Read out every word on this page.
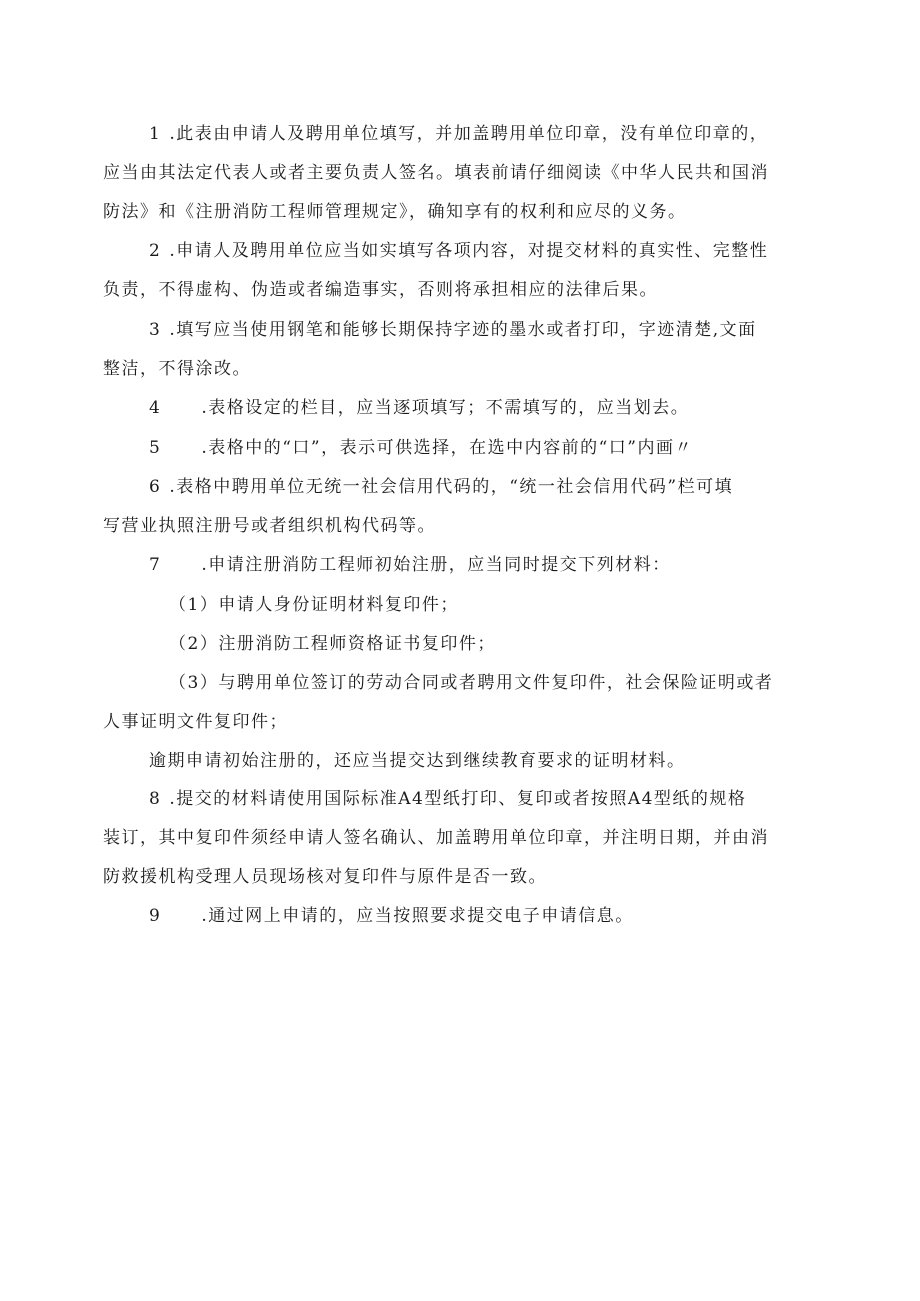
1 .此表由申请人及聘用单位填写，并加盖聘用单位印章，没有单位印章的，
应当由其法定代表人或者主要负责人签名。填表前请仔细阅读《中华人民共和国消
防法》和《注册消防工程师管理规定》，确知享有的权利和应尽的义务。

2 .申请人及聘用单位应当如实填写各项内容，对提交材料的真实性、完整性
负责，不得虚构、伪造或者编造事实，否则将承担相应的法律后果。

3 .填写应当使用钢笔和能够长期保持字迹的墨水或者打印，字迹清楚,文面
整洁，不得涂改。

4 .表格设定的栏目，应当逐项填写；不需填写的，应当划去。

5 .表格中的“口”，表示可供选择，在选中内容前的“口”内画〃

6 .表格中聘用单位无统一社会信用代码的，“统一社会信用代码”栏可填
写营业执照注册号或者组织机构代码等。

7 .申请注册消防工程师初始注册，应当同时提交下列材料：

（1）申请人身份证明材料复印件；
（2）注册消防工程师资格证书复印件；
（3）与聘用单位签订的劳动合同或者聘用文件复印件，社会保险证明或者
人事证明文件复印件；
逾期申请初始注册的，还应当提交达到继续教育要求的证明材料。

8 .提交的材料请使用国际标准A4型纸打印、复印或者按照A4型纸的规格
装订，其中复印件须经申请人签名确认、加盖聘用单位印章，并注明日期，并由消
防救援机构受理人员现场核对复印件与原件是否一致。

9 .通过网上申请的，应当按照要求提交电子申请信息。
